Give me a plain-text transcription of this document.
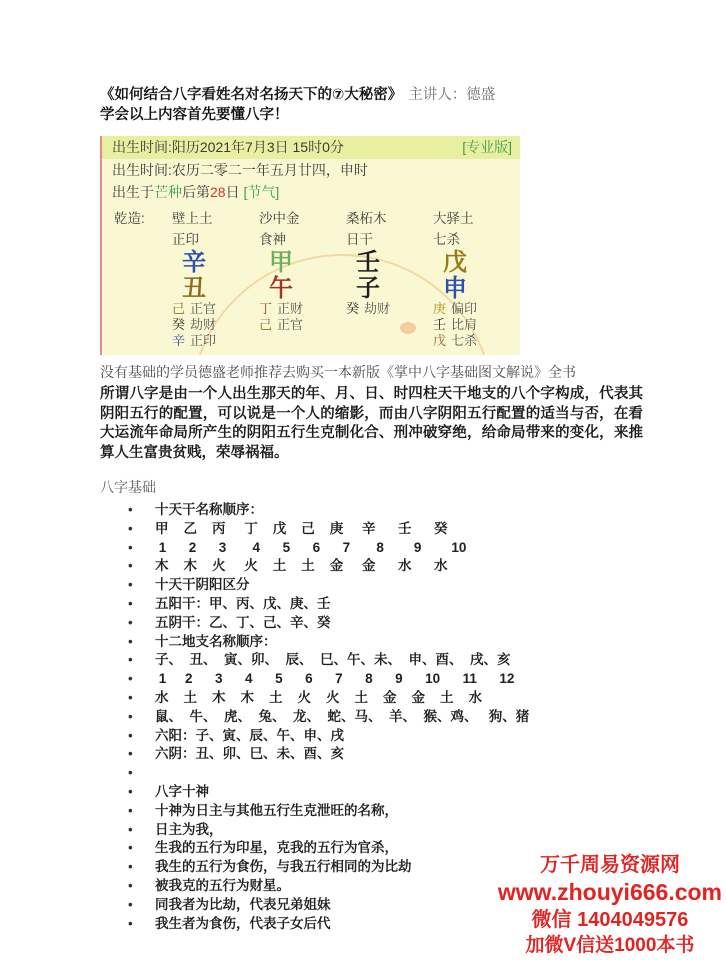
《如何结合八字看姓名对名扬天下的⑦大秘密》 主讲人：德盛
学会以上内容首先要懂八字！
出生时间:阳历2021年7月3日 15时0分	[专业版]
出生时间:农历二零二一年五月廿四，申时
出生于芒种后第28日 [节气]
乾造:	壁上土
正印
辛
丑
己 正官
癸 劫财
辛 正印
沙中金
食神
甲
午
丁 正财
己 正官
桑柘木
日干
壬
子
癸 劫财
大驿土
七杀
戊
申
庚 偏印
壬 比肩
戊 七杀
没有基础的学员德盛老师推荐去购买一本新版《掌中八字基础图文解说》全书

所谓八字是由一个人出生那天的年、月、日、时四柱天干地支的八个字构成，代表其阴阳五行的配置，可以说是一个人的缩影，而由八字阴阳五行配置的适当与否，在看大运流年命局所产生的阴阳五行生克制化合、刑冲破穿绝，给命局带来的变化，来推算人生富贵贫贱，荣辱祸福。

八字基础
• 十天干名称顺序：
• 甲    乙    丙     丁    戊    己    庚     辛      壬      癸
•  1      2      3       4      5      6      7       8        9        10
• 木    木    火     火    土    土    金     金      水      水
• 十天干阴阳区分
• 五阳干：甲、丙、戊、庚、壬
• 五阴干：乙、丁、己、辛、癸
• 十二地支名称顺序：
• 子、  丑、  寅、卯、  辰、  巳、午、未、  申、酉、  戌、亥
•  1     2      3      4      5      6      7      8      9      10      11      12
• 水    土    木    木    土    火    火    土    金    金    土    水
• 鼠、  牛、  虎、  兔、  龙、  蛇、马、  羊、  猴、鸡、   狗、猪
• 六阳：子、寅、辰、午、申、戌
• 六阴：丑、卯、巳、未、酉、亥
•
• 八字十神
• 十神为日主与其他五行生克泄旺的名称，
• 日主为我，
• 生我的五行为印星，克我的五行为官杀，
• 我生的五行为食伤，与我五行相同的为比劫
• 被我克的五行为财星。
• 同我者为比劫，代表兄弟姐妹
• 我生者为食伤，代表子女后代
万千周易资源网
www.zhouyi666.com
微信 1404049576
加微V信送1000本书
